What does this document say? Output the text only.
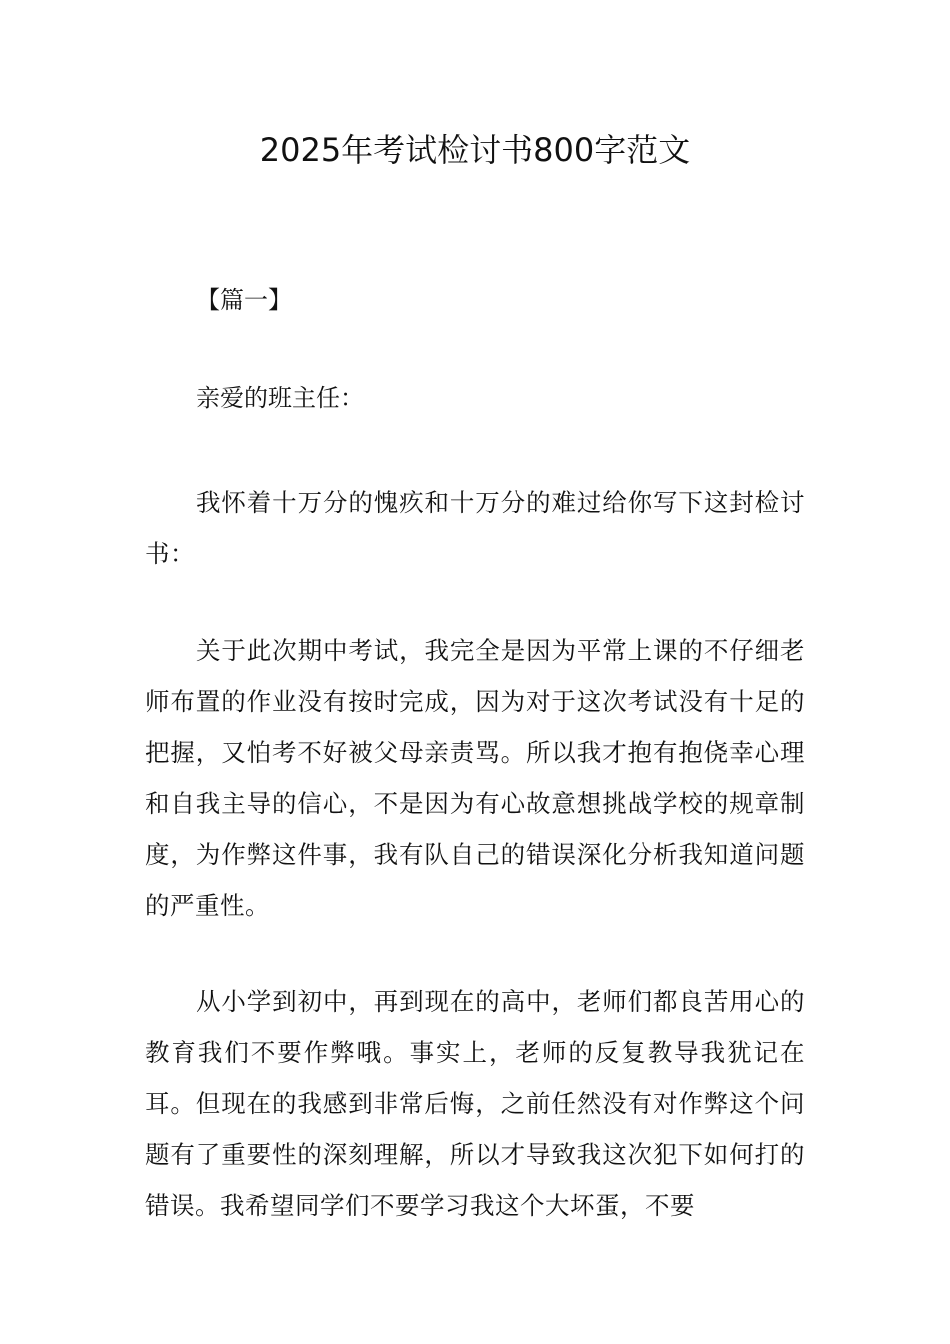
2025年考试检讨书800字范文
【篇一】

亲爱的班主任：

我怀着十万分的愧疚和十万分的难过给你写下这封检讨书：

关于此次期中考试，我完全是因为平常上课的不仔细老师布置的作业没有按时完成，因为对于这次考试没有十足的把握，又怕考不好被父母亲责骂。所以我才抱有抱侥幸心理和自我主导的信心，不是因为有心故意想挑战学校的规章制度，为作弊这件事，我有队自己的错误深化分析我知道问题的严重性。

从小学到初中，再到现在的高中，老师们都良苦用心的教育我们不要作弊哦。事实上，老师的反复教导我犹记在耳。但现在的我感到非常后悔，之前任然没有对作弊这个问题有了重要性的深刻理解，所以才导致我这次犯下如何打的错误。我希望同学们不要学习我这个大坏蛋，不要
